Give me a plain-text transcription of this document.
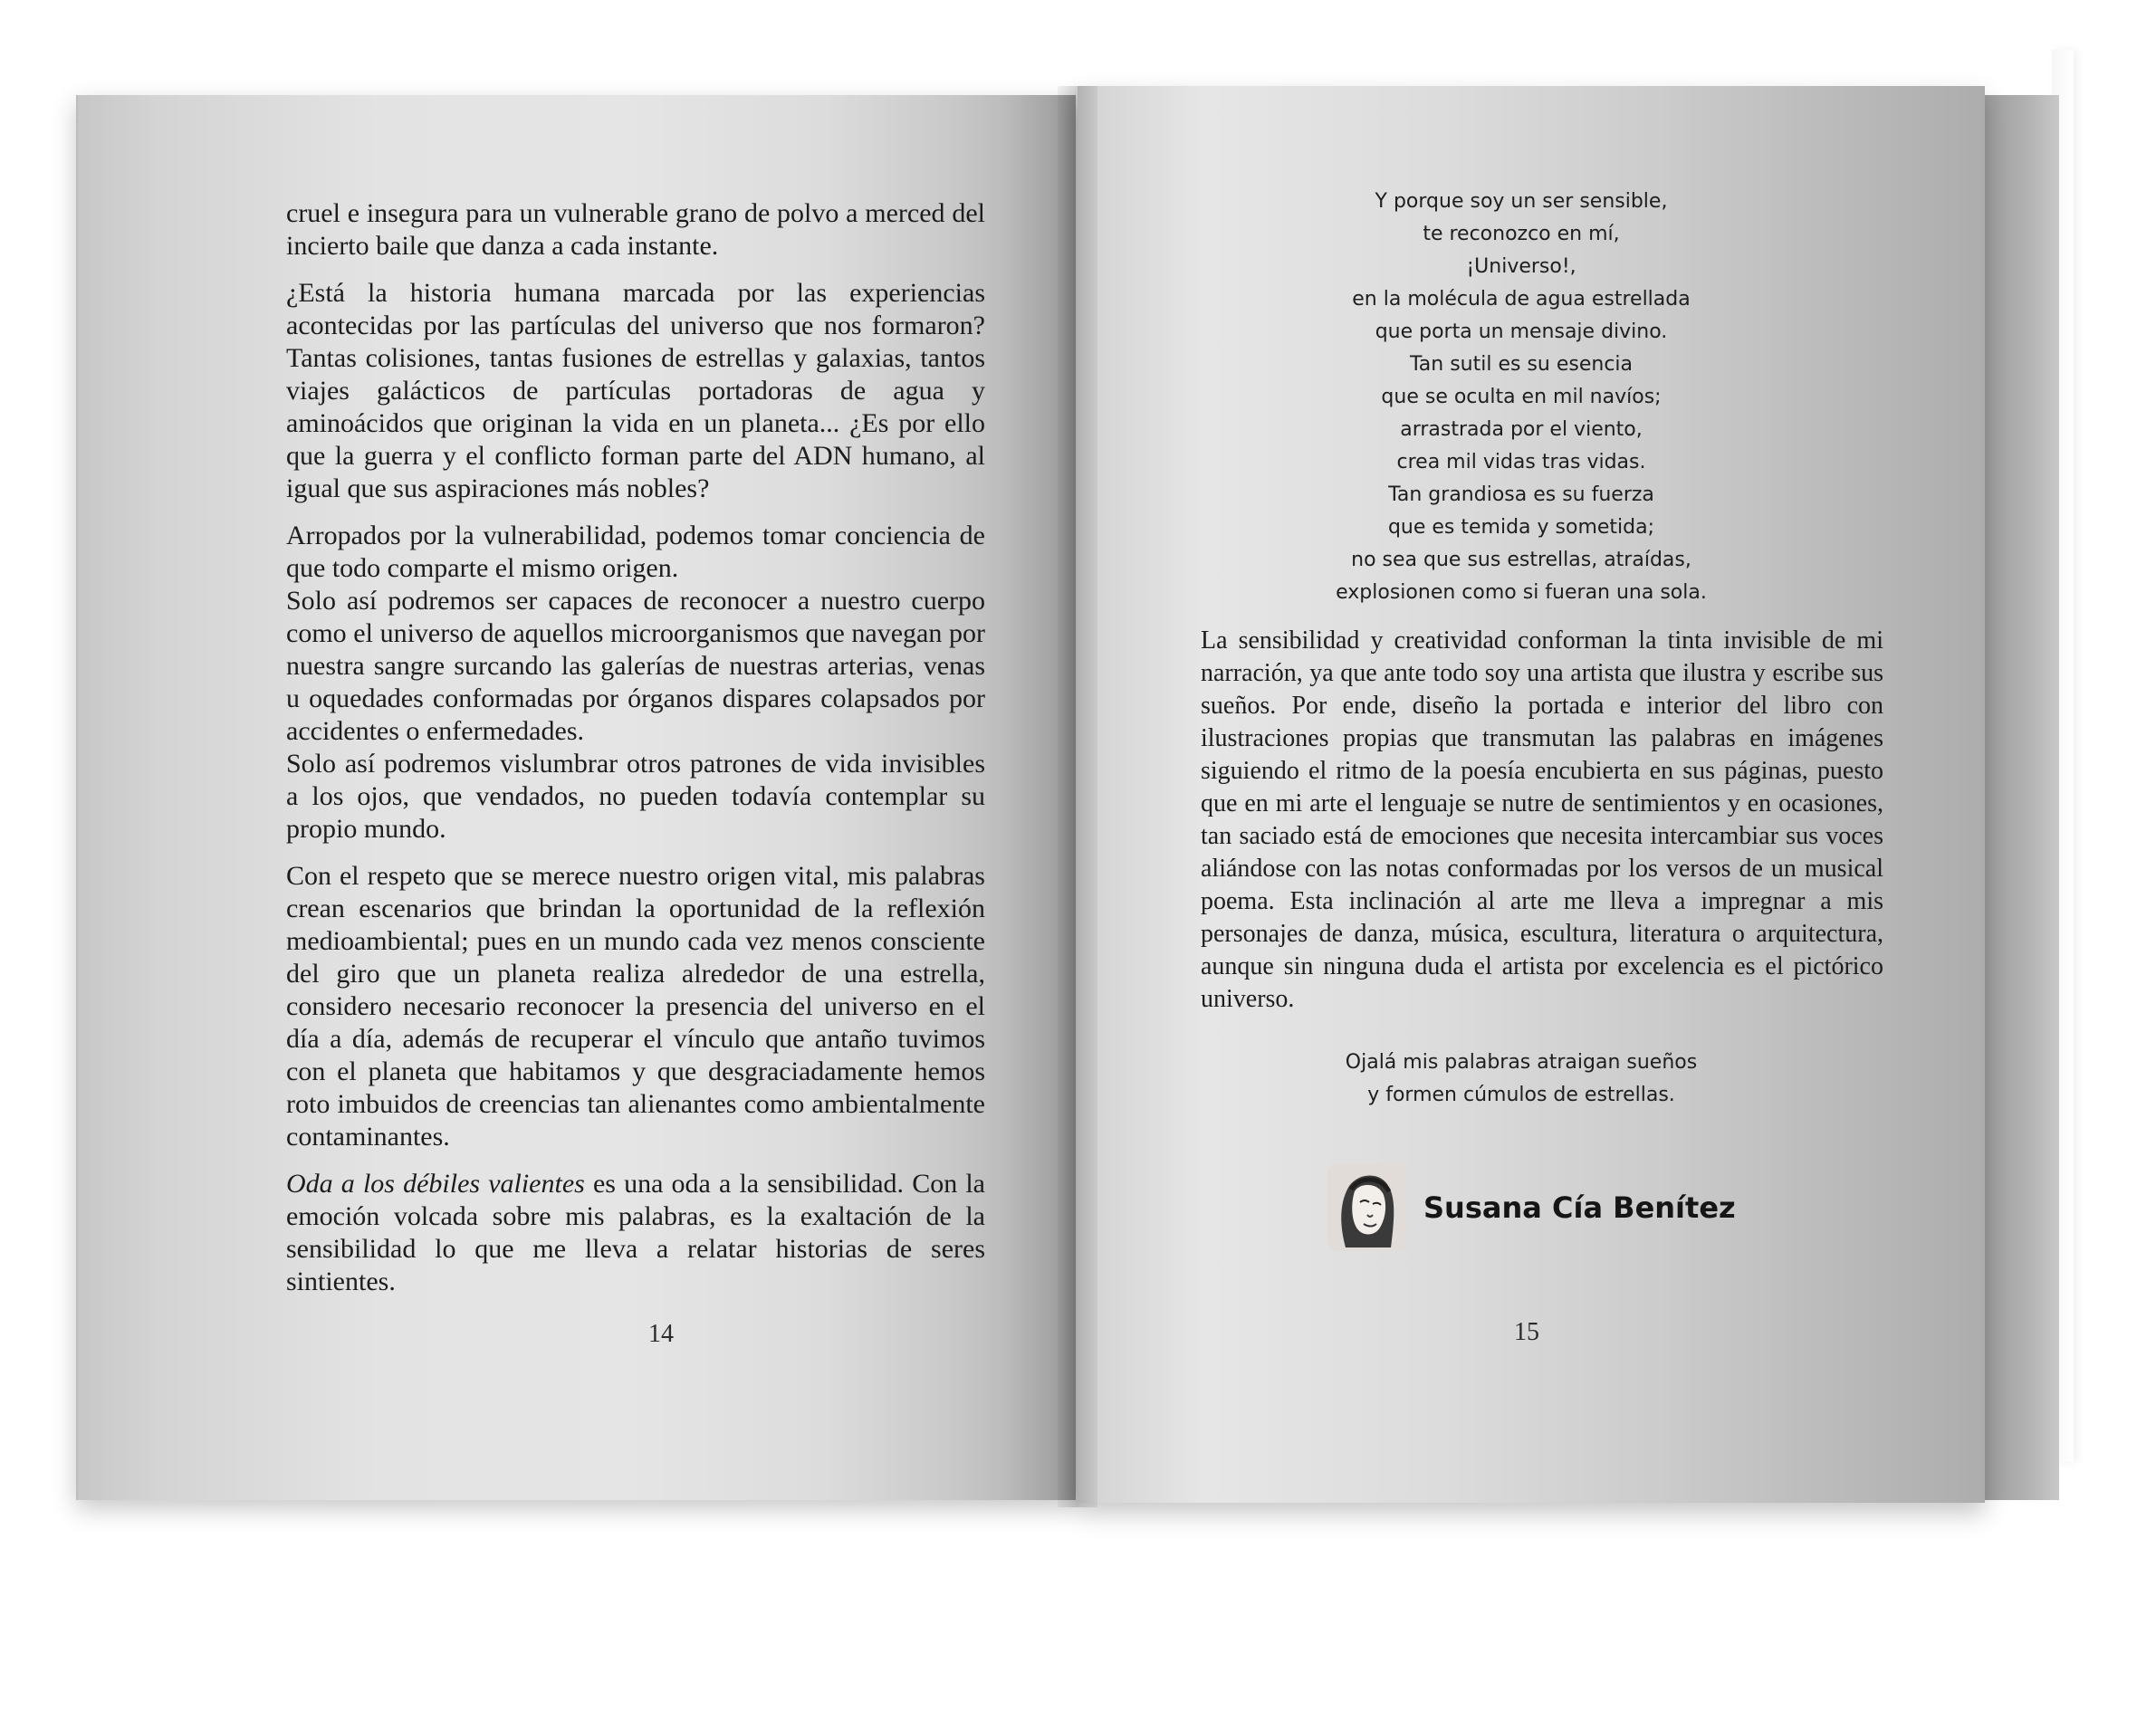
cruel e insegura para un vulnerable grano de polvo a merced del incierto baile que danza a cada instante.

¿Está la historia humana marcada por las experiencias acontecidas por las partículas del universo que nos formaron? Tantas colisiones, tantas fusiones de estrellas y galaxias, tantos viajes galácticos de partículas portadoras de agua y aminoácidos que originan la vida en un planeta... ¿Es por ello que la guerra y el conflicto forman parte del ADN humano, al igual que sus aspiraciones más nobles?

Arropados por la vulnerabilidad, podemos tomar conciencia de que todo comparte el mismo origen.

Solo así podremos ser capaces de reconocer a nuestro cuerpo como el universo de aquellos microorganismos que navegan por nuestra sangre surcando las galerías de nuestras arterias, venas u oquedades conformadas por órganos dispares colapsados por accidentes o enfermedades.

Solo así podremos vislumbrar otros patrones de vida invisibles a los ojos, que vendados, no pueden todavía contemplar su propio mundo.

Con el respeto que se merece nuestro origen vital, mis palabras crean escenarios que brindan la oportunidad de la reflexión medioambiental; pues en un mundo cada vez menos consciente del giro que un planeta realiza alrededor de una estrella, considero necesario reconocer la presencia del universo en el día a día, además de recuperar el vínculo que antaño tuvimos con el planeta que habitamos y que desgraciadamente hemos roto imbuidos de creencias tan alienantes como ambientalmente contaminantes.

Oda a los débiles valientes es una oda a la sensibilidad. Con la emoción volcada sobre mis palabras, es la exaltación de la sensibilidad lo que me lleva a relatar historias de seres sintientes.

14
Y porque soy un ser sensible,
te reconozco en mí,
¡Universo!,
en la molécula de agua estrellada
que porta un mensaje divino.
Tan sutil es su esencia
que se oculta en mil navíos;
arrastrada por el viento,
crea mil vidas tras vidas.
Tan grandiosa es su fuerza
que es temida y sometida;
no sea que sus estrellas, atraídas,
explosionen como si fueran una sola.
La sensibilidad y creatividad conforman la tinta invisible de mi narración, ya que ante todo soy una artista que ilustra y escribe sus sueños. Por ende, diseño la portada e interior del libro con ilustraciones propias que transmutan las palabras en imágenes siguiendo el ritmo de la poesía encubierta en sus páginas, puesto que en mi arte el lenguaje se nutre de sentimientos y en ocasiones, tan saciado está de emociones que necesita intercambiar sus voces aliándose con las notas conformadas por los versos de un musical poema. Esta inclinación al arte me lleva a impregnar a mis personajes de danza, música, escultura, literatura o arquitectura, aunque sin ninguna duda el artista por excelencia es el pictórico universo.
Ojalá mis palabras atraigan sueños
y formen cúmulos de estrellas.
Susana Cía Benítez
15
